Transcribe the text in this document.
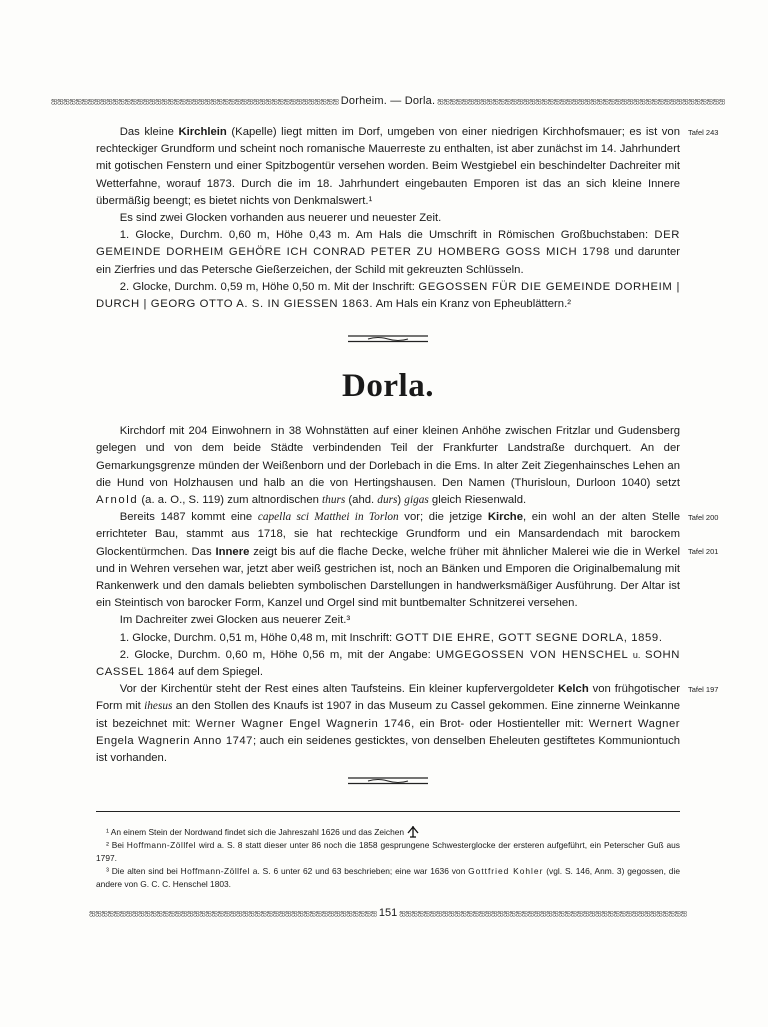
ஐஐஐஐஐஐஐஐஐஐஐஐஐஐஐஐஐஐஐஐஐஐஐஐஐஐஐஐஐஐஐஐஐஐஐஐஐஐஐஐஐஐஐஐஐஐஐ Dorheim. — Dorla. ஐஐஐஐஐஐஐஐஐஐஐஐஐஐஐஐஐஐஐஐஐஐஐஐஐஐஐஐஐஐஐஐஐஐஐஐஐஐஐஐஐஐஐஐஐஐஐ

Das kleine Kirchlein (Kapelle) liegt mitten im Dorf, umgeben von einer niedrigen Kirchhofsmauer; es ist von rechteckiger Grundform und scheint noch romanische Mauerreste zu enthalten, ist aber zunächst im 14. Jahrhundert mit gotischen Fenstern und einer Spitzbogentür versehen worden. Beim Westgiebel ein beschindelter Dachreiter mit Wetterfahne, worauf 1873. Durch die im 18. Jahrhundert eingebauten Emporen ist das an sich kleine Innere übermäßig beengt; es bietet nichts von Denkmalswert.¹

Tafel 243

Es sind zwei Glocken vorhanden aus neuerer und neuester Zeit.

1. Glocke, Durchm. 0,60 m, Höhe 0,43 m. Am Hals die Umschrift in Römischen Großbuchstaben: DER GEMEINDE DORHEIM GEHÖRE ICH CONRAD PETER ZU HOMBERG GOSS MICH 1798 und darunter ein Zierfries und das Petersche Gießerzeichen, der Schild mit gekreuzten Schlüsseln.

2. Glocke, Durchm. 0,59 m, Höhe 0,50 m. Mit der Inschrift: GEGOSSEN FÜR DIE GEMEINDE DORHEIM | DURCH | GEORG OTTO A. S. IN GIESSEN 1863. Am Hals ein Kranz von Epheublättern.²

Dorla.

Kirchdorf mit 204 Einwohnern in 38 Wohnstätten auf einer kleinen Anhöhe zwischen Fritzlar und Gudensberg gelegen und von dem beide Städte verbindenden Teil der Frankfurter Landstraße durchquert. An der Gemarkungsgrenze münden der Weißenborn und der Dorlebach in die Ems. In alter Zeit Ziegenhainsches Lehen an die Hund von Holzhausen und halb an die von Hertingshausen. Den Namen (Thurisloun, Durloon 1040) setzt Arnold (a. a. O., S. 119) zum altnordischen thurs (ahd. durs) gigas gleich Riesenwald.

Bereits 1487 kommt eine capella sci Matthei in Torlon vor; die jetzige Kirche, ein wohl an der alten Stelle errichteter Bau, stammt aus 1718, sie hat rechteckige Grundform und ein Mansardendach mit barockem Glockentürmchen. Das Innere zeigt bis auf die flache Decke, welche früher mit ähnlicher Malerei wie die in Werkel und in Wehren versehen war, jetzt aber weiß gestrichen ist, noch an Bänken und Emporen die Originalbemalung mit Rankenwerk und den damals beliebten symbolischen Darstellungen in handwerksmäßiger Ausführung. Der Altar ist ein Steintisch von barocker Form, Kanzel und Orgel sind mit buntbemalter Schnitzerei versehen.

Tafel 200
Tafel 201

Im Dachreiter zwei Glocken aus neuerer Zeit.³

1. Glocke, Durchm. 0,51 m, Höhe 0,48 m, mit Inschrift: GOTT DIE EHRE, GOTT SEGNE DORLA, 1859.

2. Glocke, Durchm. 0,60 m, Höhe 0,56 m, mit der Angabe: UMGEGOSSEN VON HENSCHEL u. SOHN CASSEL 1864 auf dem Spiegel.

Vor der Kirchentür steht der Rest eines alten Taufsteins. Ein kleiner kupfervergoldeter Kelch von frühgotischer Form mit ihesus an den Stollen des Knaufs ist 1907 in das Museum zu Cassel gekommen. Eine zinnerne Weinkanne ist bezeichnet mit: Werner Wagner Engel Wagnerin 1746, ein Brot- oder Hostienteller mit: Wernert Wagner Engela Wagnerin Anno 1747; auch ein seidenes gesticktes, von denselben Eheleuten gestiftetes Kommuniontuch ist vorhanden.

Tafel 197

¹ An einem Stein der Nordwand findet sich die Jahreszahl 1626 und das Zeichen

² Bei Hoffmann-Zöllfel wird a. S. 8 statt dieser unter 86 noch die 1858 gesprungene Schwesterglocke der ersteren aufgeführt, ein Peterscher Guß aus 1797.

³ Die alten sind bei Hoffmann-Zöllfel a. S. 6 unter 62 und 63 beschrieben; eine war 1636 von Gottfried Kohler (vgl. S. 146, Anm. 3) gegossen, die andere von G. C. C. Henschel 1803.

ஐஐஐஐஐஐஐஐஐஐஐஐஐஐஐஐஐஐஐஐஐஐஐஐஐஐஐஐஐஐஐஐஐஐஐஐஐஐஐஐஐஐஐஐஐஐஐ 151 ஐஐஐஐஐஐஐஐஐஐஐஐஐஐஐஐஐஐஐஐஐஐஐஐஐஐஐஐஐஐஐஐஐஐஐஐஐஐஐஐஐஐஐஐஐஐஐ
